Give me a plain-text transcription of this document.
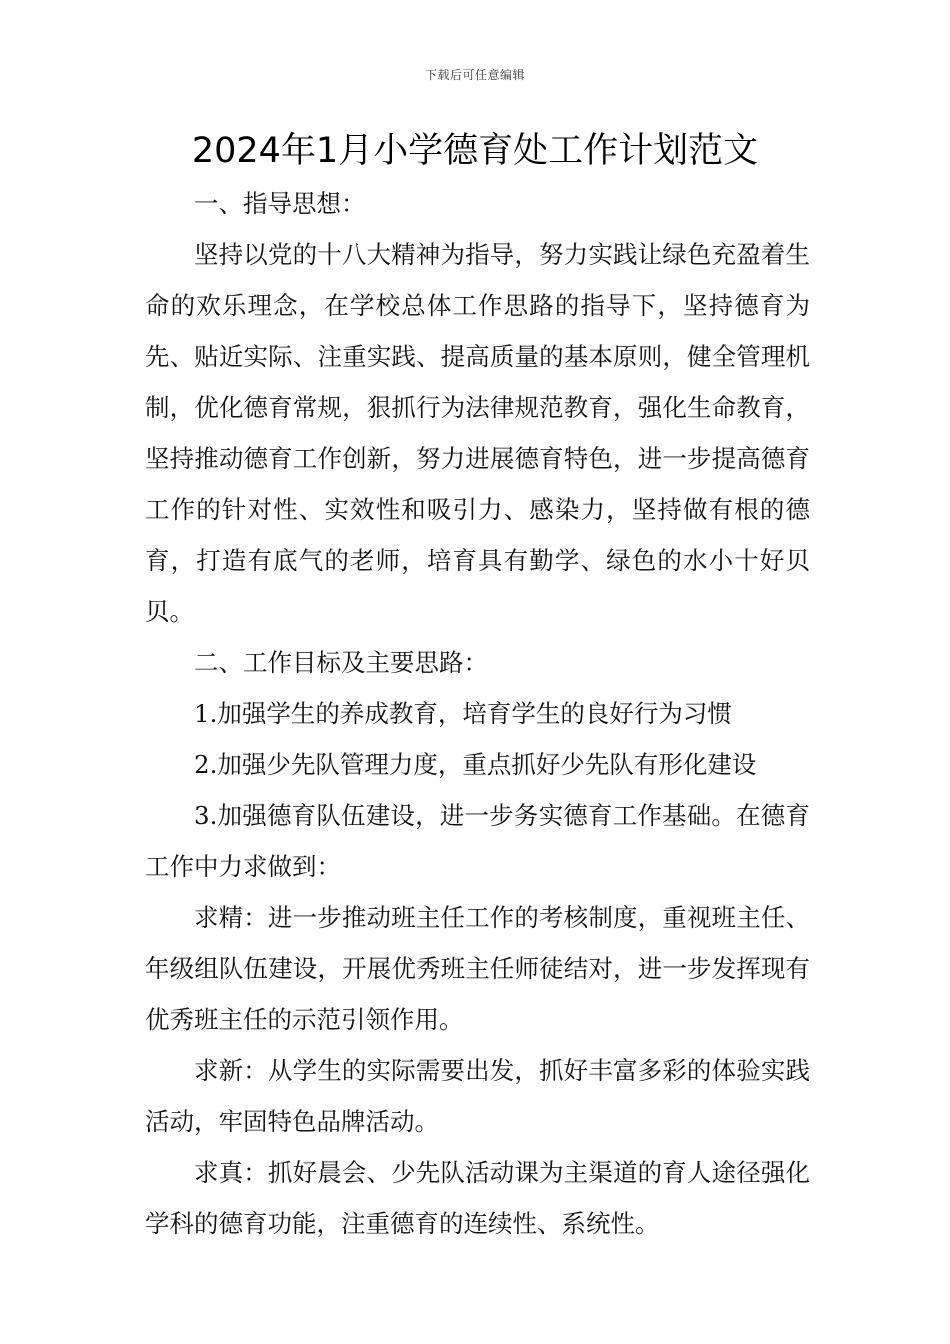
下载后可任意编辑
2024年1月小学德育处工作计划范文

一、指导思想：

坚持以党的十八大精神为指导，努力实践让绿色充盈着生命的欢乐理念，在学校总体工作思路的指导下，坚持德育为先、贴近实际、注重实践、提高质量的基本原则，健全管理机制，优化德育常规，狠抓行为法律规范教育，强化生命教育，坚持推动德育工作创新，努力进展德育特色，进一步提高德育工作的针对性、实效性和吸引力、感染力，坚持做有根的德育，打造有底气的老师，培育具有勤学、绿色的水小十好贝贝。

二、工作目标及主要思路：

1.加强学生的养成教育，培育学生的良好行为习惯

2.加强少先队管理力度，重点抓好少先队有形化建设

3.加强德育队伍建设，进一步务实德育工作基础。在德育工作中力求做到：

求精：进一步推动班主任工作的考核制度，重视班主任、年级组队伍建设，开展优秀班主任师徒结对，进一步发挥现有优秀班主任的示范引领作用。

求新：从学生的实际需要出发，抓好丰富多彩的体验实践活动，牢固特色品牌活动。

求真：抓好晨会、少先队活动课为主渠道的育人途径强化学科的德育功能，注重德育的连续性、系统性。
